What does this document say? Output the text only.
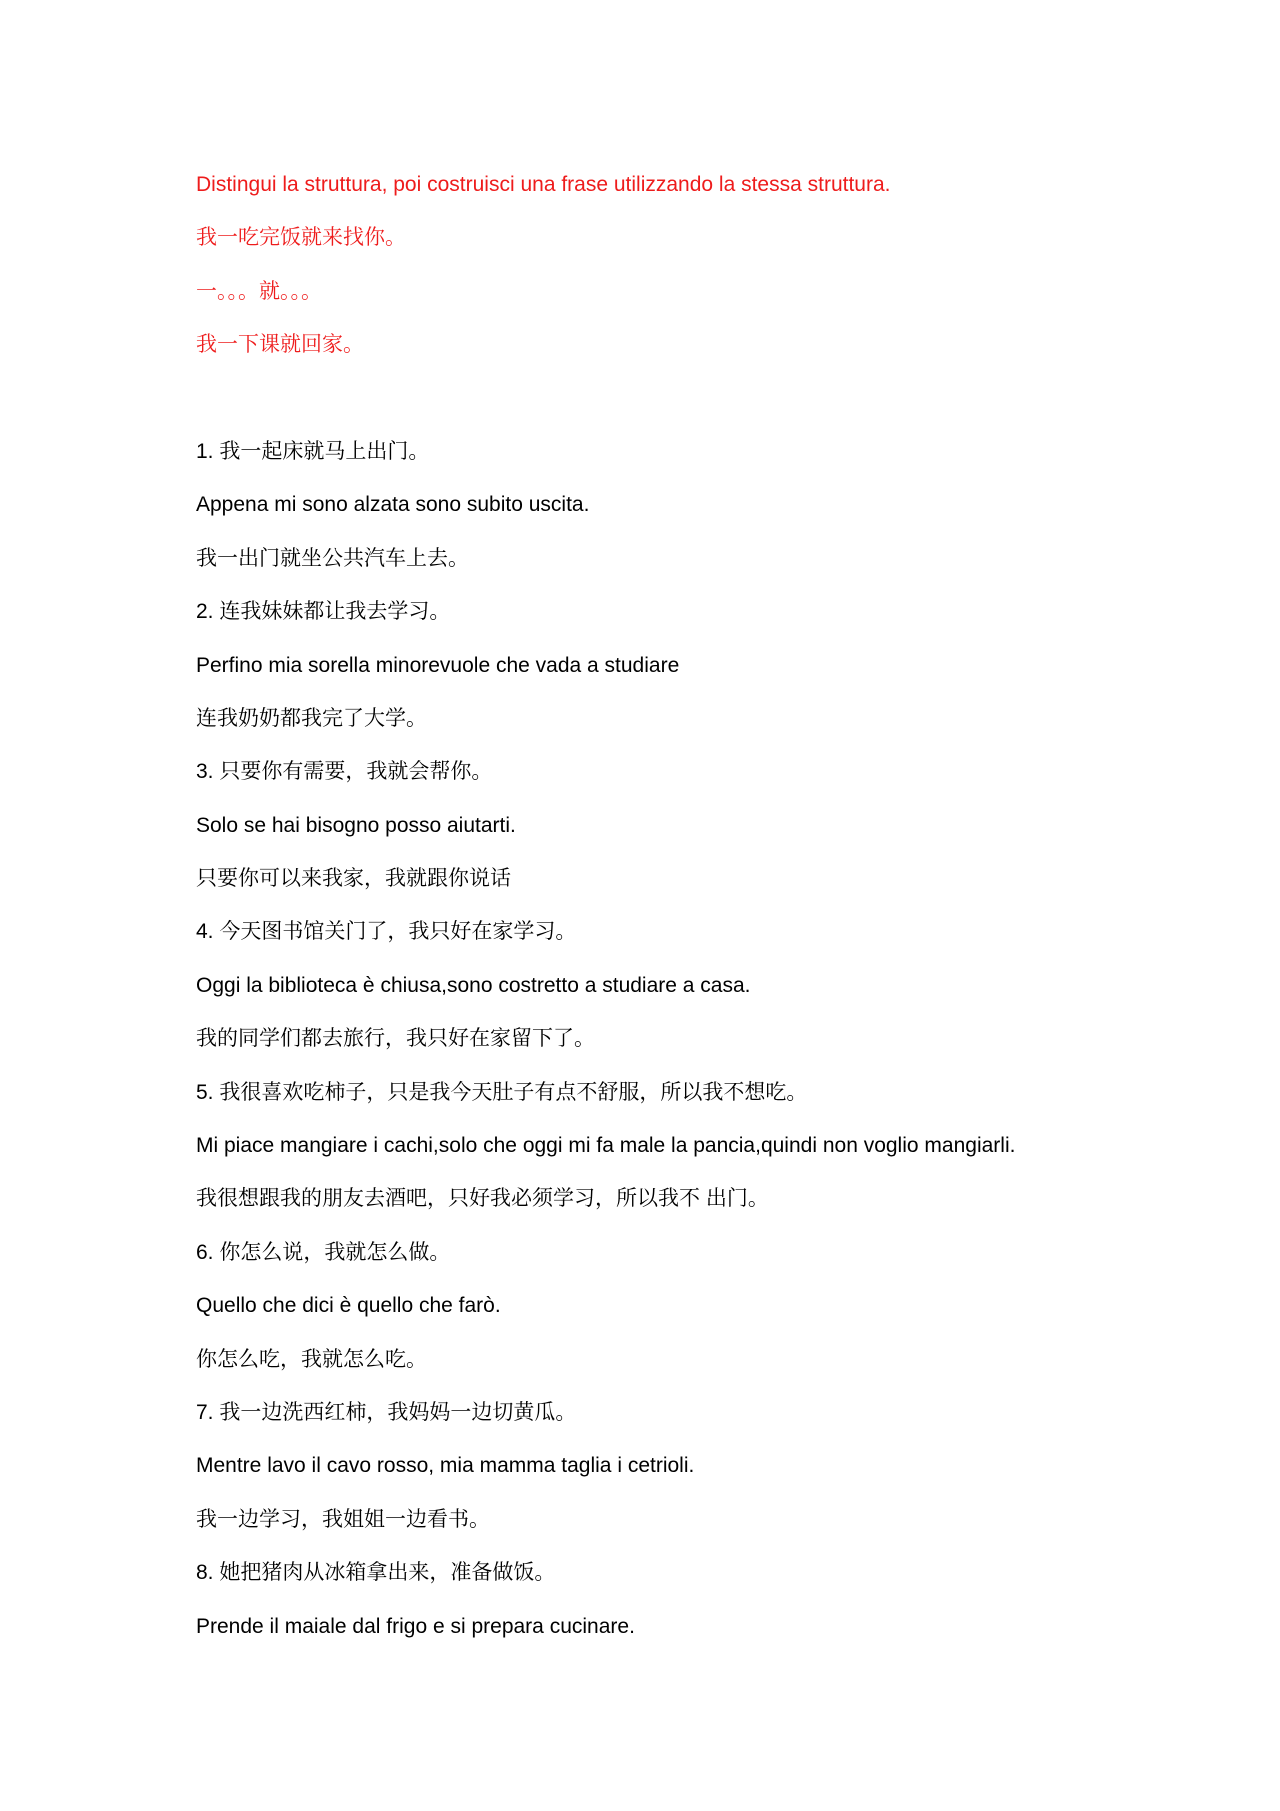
Distingui la struttura, poi costruisci una frase utilizzando la stessa struttura.

我一吃完饭就来找你。

一。。。就。。。

我一下课就回家。

1. 我一起床就马上出门。

Appena mi sono alzata sono subito uscita.

我一出门就坐公共汽车上去。

2. 连我妹妹都让我去学习。

Perfino mia sorella minorevuole che vada a studiare

连我奶奶都我完了大学。

3. 只要你有需要，我就会帮你。

Solo se hai bisogno posso aiutarti.

只要你可以来我家，我就跟你说话

4. 今天图书馆关门了，我只好在家学习。

Oggi la biblioteca è chiusa,sono costretto a studiare a casa.

我的同学们都去旅行，我只好在家留下了。

5. 我很喜欢吃柿子，只是我今天肚子有点不舒服，所以我不想吃。

Mi piace mangiare i cachi,solo che oggi mi fa male la pancia,quindi non voglio mangiarli.

我很想跟我的朋友去酒吧，只好我必须学习，所以我不 出门。

6. 你怎么说，我就怎么做。

Quello che dici è quello che farò.

你怎么吃，我就怎么吃。

7. 我一边洗西红柿，我妈妈一边切黄瓜。

Mentre lavo il cavo rosso, mia mamma taglia i cetrioli.

我一边学习，我姐姐一边看书。

8. 她把猪肉从冰箱拿出来，准备做饭。

Prende il maiale dal frigo e si prepara cucinare.
